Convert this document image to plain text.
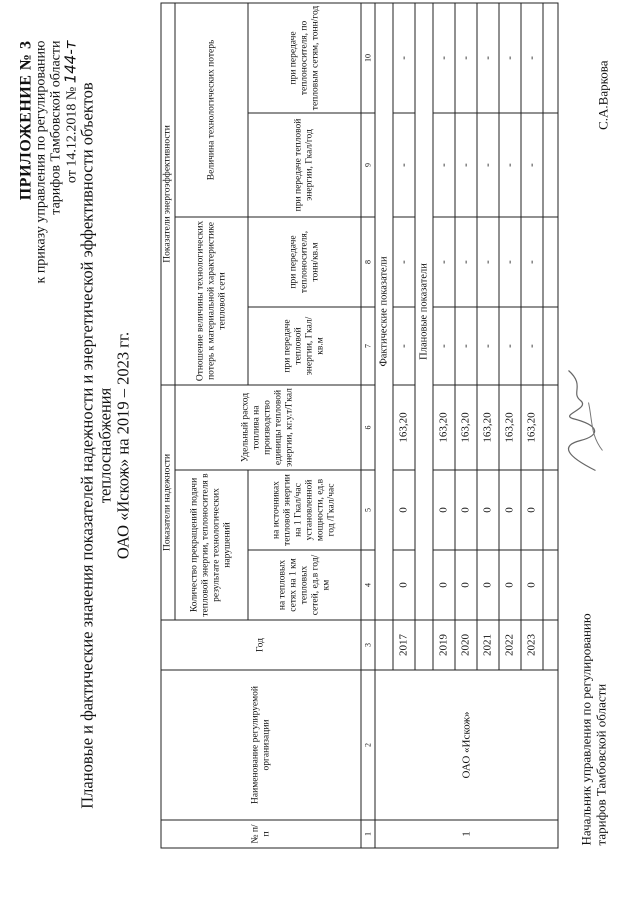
ПРИЛОЖЕНИЕ № 3 к приказу управления по регулированию тарифов Тамбовской области от 14.12.2018 № 144-т
Плановые и фактические значения показателей надежности и энергетической эффективности объектов теплоснабжения ОАО «Искож» на 2019 – 2023 гг.
№ п/п	Наименование регулируемой организации	Год	Показатели надежности			Показатели энергоэффективности			
			Количество прекращений подачи тепловой энергии, теплоносителя в результате технологических нарушений		Удельный расход топлива на производство единицы тепловой энергии, кг.у.т/Гкал	Отношение величины технологических потерь к материальной характеристике тепловой сети		Величина технологических потерь	
			на тепловых сетях на 1 км тепловых сетей, ед.в год/км	на источниках тепловой энергии на 1 Гкал/час установленной мощности, ед.в год /Гкал/час		при передаче тепловой энергии, Гкал/кв.м	при передаче теплоносителя, тонн/кв.м	при передаче тепловой энергии, Гкал/год	при передаче теплоносителя, по тепловым сетям, тонн/год
1	2	3	4	5	6	7	8	9	10
1	ОАО «Искож»		Фактические показатели						
		2017	0	0	163,20	-	-	-	-
			Плановые показатели						
		2019	0	0	163,20	-	-	-	-
		2020	0	0	163,20	-	-	-	-
		2021	0	0	163,20	-	-	-	-
		2022	0	0	163,20	-	-	-	-
		2023	0	0	163,20	-	-	-	-

Начальник управления по регулированию тарифов Тамбовской области
С.А.Варкова
